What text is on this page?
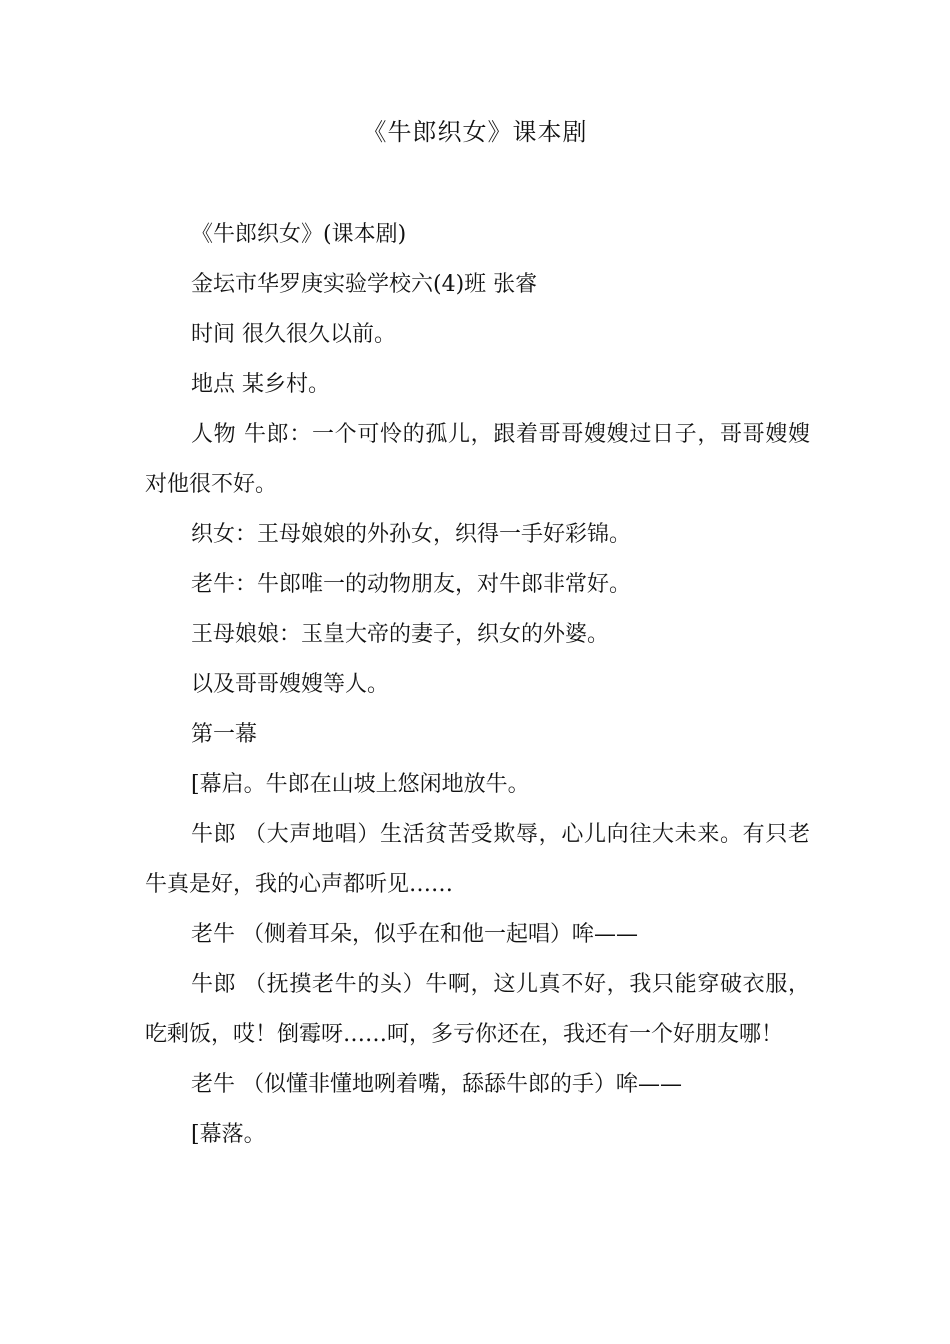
《牛郎织女》课本剧

《牛郎织女》(课本剧)

金坛市华罗庚实验学校六(4)班 张睿

时间 很久很久以前。

地点 某乡村。

人物 牛郎：一个可怜的孤儿，跟着哥哥嫂嫂过日子，哥哥嫂嫂对他很不好。

织女：王母娘娘的外孙女，织得一手好彩锦。

老牛：牛郎唯一的动物朋友，对牛郎非常好。

王母娘娘：玉皇大帝的妻子，织女的外婆。

以及哥哥嫂嫂等人。

第一幕

[幕启。牛郎在山坡上悠闲地放牛。

牛郎 （大声地唱）生活贫苦受欺辱，心儿向往大未来。有只老牛真是好，我的心声都听见……

老牛 （侧着耳朵，似乎在和他一起唱）哞——

牛郎 （抚摸老牛的头）牛啊，这儿真不好，我只能穿破衣服，吃剩饭，哎！倒霉呀……呵，多亏你还在，我还有一个好朋友哪！

老牛 （似懂非懂地咧着嘴，舔舔牛郎的手）哞——

[幕落。
